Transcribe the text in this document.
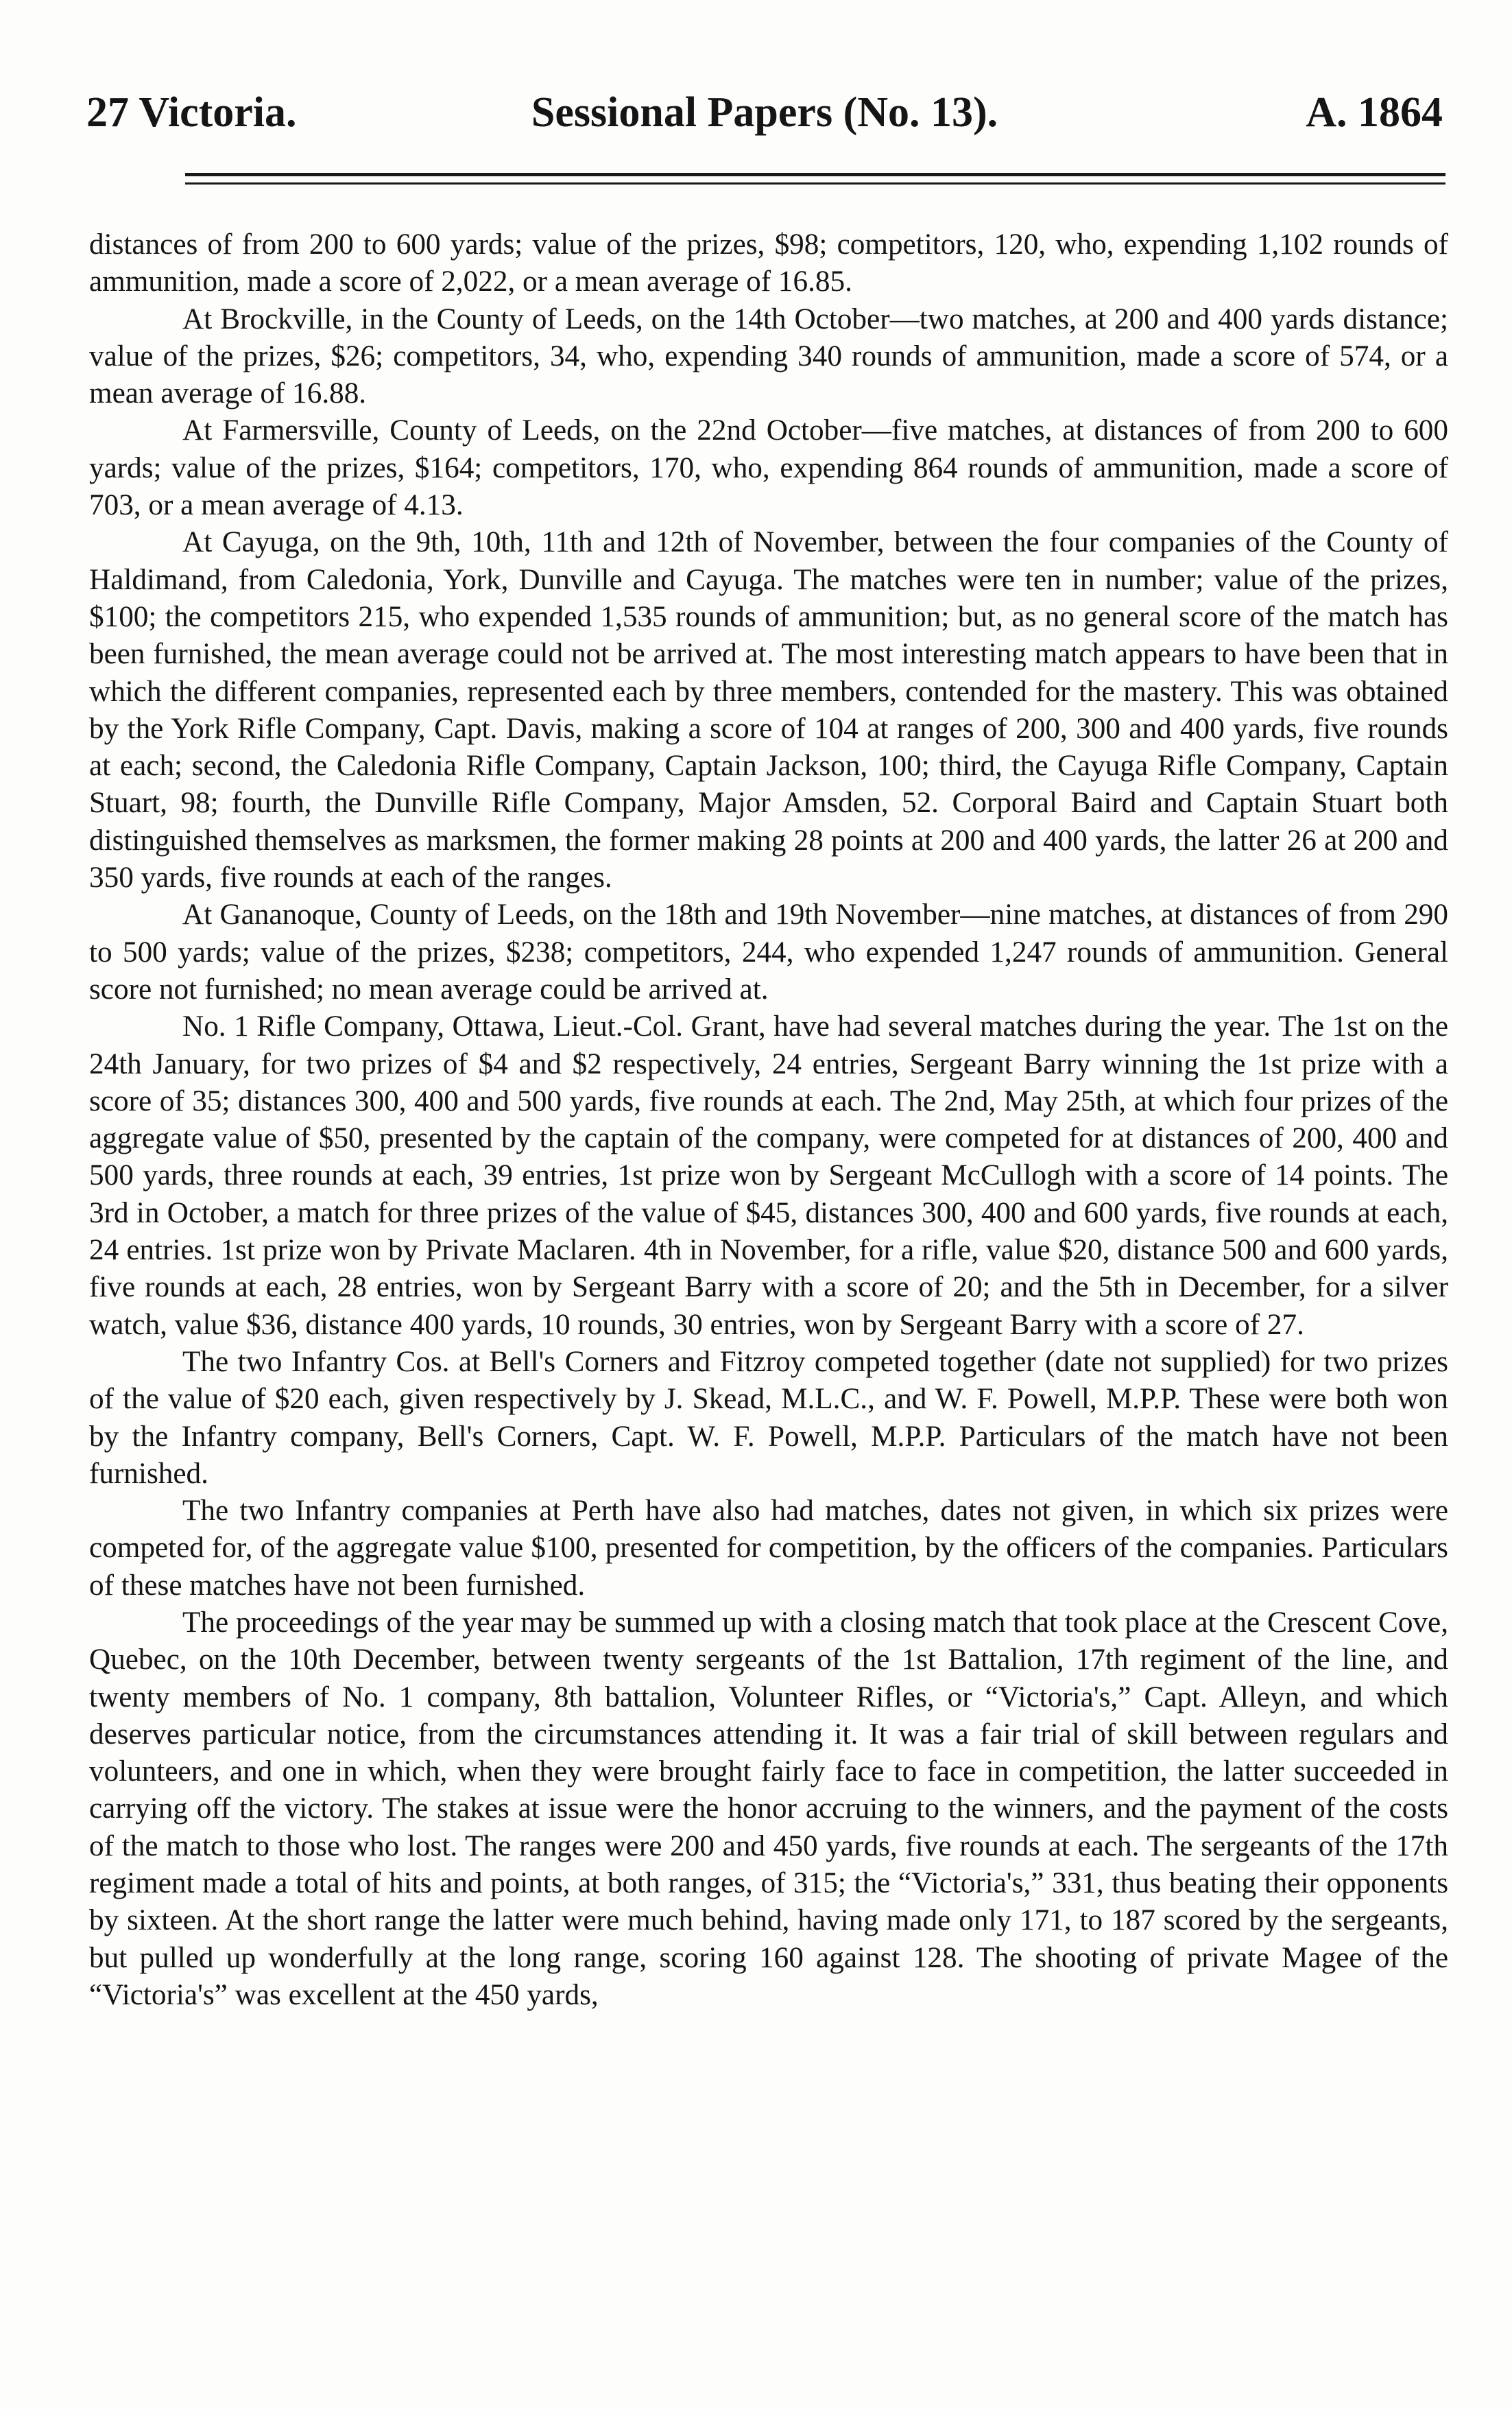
27 Victoria.	Sessional Papers (No. 13).	A. 1864

distances of from 200 to 600 yards; value of the prizes, $98; competitors, 120, who, expending 1,102 rounds of ammunition, made a score of 2,022, or a mean average of 16.85.

At Brockville, in the County of Leeds, on the 14th October—two matches, at 200 and 400 yards distance; value of the prizes, $26; competitors, 34, who, expending 340 rounds of ammunition, made a score of 574, or a mean average of 16.88.

At Farmersville, County of Leeds, on the 22nd October—five matches, at distances of from 200 to 600 yards; value of the prizes, $164; competitors, 170, who, expending 864 rounds of ammunition, made a score of 703, or a mean average of 4.13.

At Cayuga, on the 9th, 10th, 11th and 12th of November, between the four companies of the County of Haldimand, from Caledonia, York, Dunville and Cayuga. The matches were ten in number; value of the prizes, $100; the competitors 215, who expended 1,535 rounds of ammunition; but, as no general score of the match has been furnished, the mean average could not be arrived at. The most interesting match appears to have been that in which the different companies, represented each by three members, contended for the mastery. This was obtained by the York Rifle Company, Capt. Davis, making a score of 104 at ranges of 200, 300 and 400 yards, five rounds at each; second, the Caledonia Rifle Company, Captain Jackson, 100; third, the Cayuga Rifle Company, Captain Stuart, 98; fourth, the Dunville Rifle Company, Major Amsden, 52. Corporal Baird and Captain Stuart both distinguished themselves as marksmen, the former making 28 points at 200 and 400 yards, the latter 26 at 200 and 350 yards, five rounds at each of the ranges.

At Gananoque, County of Leeds, on the 18th and 19th November—nine matches, at distances of from 290 to 500 yards; value of the prizes, $238; competitors, 244, who expended 1,247 rounds of ammunition. General score not furnished; no mean average could be arrived at.

No. 1 Rifle Company, Ottawa, Lieut.-Col. Grant, have had several matches during the year. The 1st on the 24th January, for two prizes of $4 and $2 respectively, 24 entries, Sergeant Barry winning the 1st prize with a score of 35; distances 300, 400 and 500 yards, five rounds at each. The 2nd, May 25th, at which four prizes of the aggregate value of $50, presented by the captain of the company, were competed for at distances of 200, 400 and 500 yards, three rounds at each, 39 entries, 1st prize won by Sergeant McCullogh with a score of 14 points. The 3rd in October, a match for three prizes of the value of $45, distances 300, 400 and 600 yards, five rounds at each, 24 entries. 1st prize won by Private Maclaren. 4th in November, for a rifle, value $20, distance 500 and 600 yards, five rounds at each, 28 entries, won by Sergeant Barry with a score of 20; and the 5th in December, for a silver watch, value $36, distance 400 yards, 10 rounds, 30 entries, won by Sergeant Barry with a score of 27.

The two Infantry Cos. at Bell's Corners and Fitzroy competed together (date not supplied) for two prizes of the value of $20 each, given respectively by J. Skead, M.L.C., and W. F. Powell, M.P.P. These were both won by the Infantry company, Bell's Corners, Capt. W. F. Powell, M.P.P. Particulars of the match have not been furnished.

The two Infantry companies at Perth have also had matches, dates not given, in which six prizes were competed for, of the aggregate value $100, presented for competition, by the officers of the companies. Particulars of these matches have not been furnished.

The proceedings of the year may be summed up with a closing match that took place at the Crescent Cove, Quebec, on the 10th December, between twenty sergeants of the 1st Battalion, 17th regiment of the line, and twenty members of No. 1 company, 8th battalion, Volunteer Rifles, or “Victoria's,” Capt. Alleyn, and which deserves particular notice, from the circumstances attending it. It was a fair trial of skill between regulars and volunteers, and one in which, when they were brought fairly face to face in competition, the latter succeeded in carrying off the victory. The stakes at issue were the honor accruing to the winners, and the payment of the costs of the match to those who lost. The ranges were 200 and 450 yards, five rounds at each. The sergeants of the 17th regiment made a total of hits and points, at both ranges, of 315; the “Victoria's,” 331, thus beating their opponents by sixteen. At the short range the latter were much behind, having made only 171, to 187 scored by the sergeants, but pulled up wonderfully at the long range, scoring 160 against 128. The shooting of private Magee of the “Victoria's” was excellent at the 450 yards,
